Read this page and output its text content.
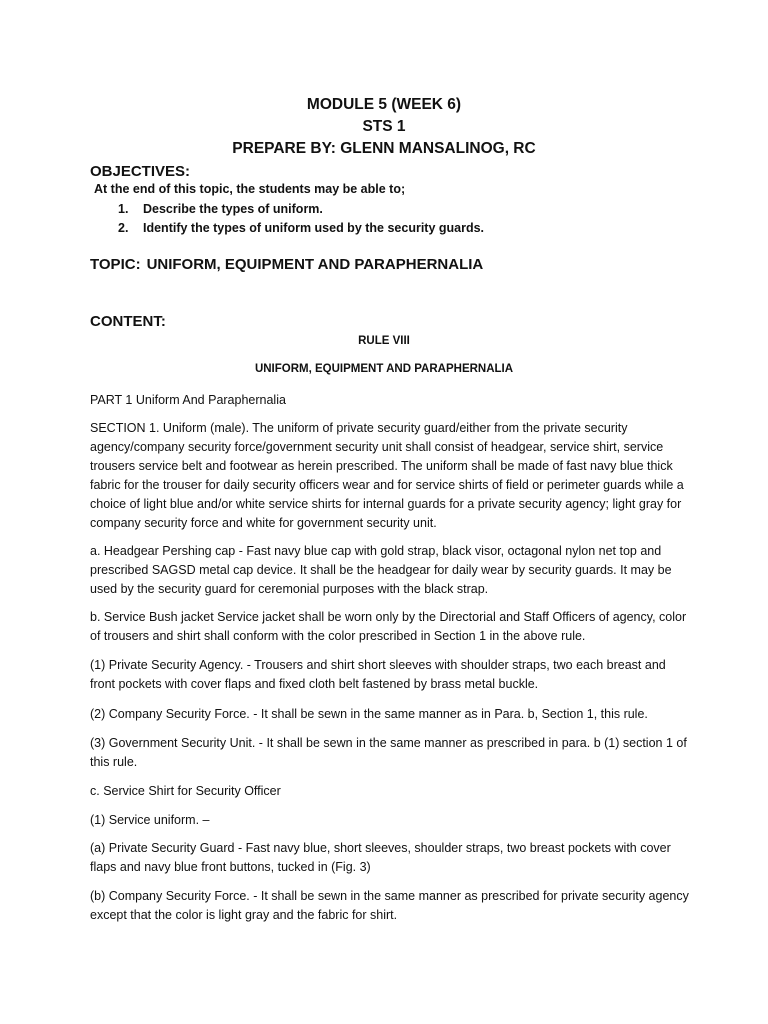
MODULE 5 (WEEK 6)
STS 1
PREPARE BY: GLENN MANSALINOG, RC
OBJECTIVES:
At the end of this topic, the students may be able to;
1. Describe the types of uniform.
2. Identify the types of uniform used by the security guards.
TOPIC: UNIFORM, EQUIPMENT AND PARAPHERNALIA
CONTENT:
RULE VIII
UNIFORM, EQUIPMENT AND PARAPHERNALIA
PART 1 Uniform And Paraphernalia
SECTION 1. Uniform (male). The uniform of private security guard/either from the private security agency/company security force/government security unit shall consist of headgear, service shirt, service trousers service belt and footwear as herein prescribed. The uniform shall be made of fast navy blue thick fabric for the trouser for daily security officers wear and for service shirts of field or perimeter guards while a choice of light blue and/or white service shirts for internal guards for a private security agency; light gray for company security force and white for government security unit.
a. Headgear Pershing cap - Fast navy blue cap with gold strap, black visor, octagonal nylon net top and prescribed SAGSD metal cap device. It shall be the headgear for daily wear by security guards. It may be used by the security guard for ceremonial purposes with the black strap.
b. Service Bush jacket Service jacket shall be worn only by the Directorial and Staff Officers of agency, color of trousers and shirt shall conform with the color prescribed in Section 1 in the above rule.
(1) Private Security Agency. - Trousers and shirt short sleeves with shoulder straps, two each breast and front pockets with cover flaps and fixed cloth belt fastened by brass metal buckle.
(2) Company Security Force. - It shall be sewn in the same manner as in Para. b, Section 1, this rule.
(3) Government Security Unit. - It shall be sewn in the same manner as prescribed in para. b (1) section 1 of this rule.
c. Service Shirt for Security Officer
(1) Service uniform. –
(a) Private Security Guard - Fast navy blue, short sleeves, shoulder straps, two breast pockets with cover flaps and navy blue front buttons, tucked in (Fig. 3)
(b) Company Security Force. - It shall be sewn in the same manner as prescribed for private security agency except that the color is light gray and the fabric for shirt.
